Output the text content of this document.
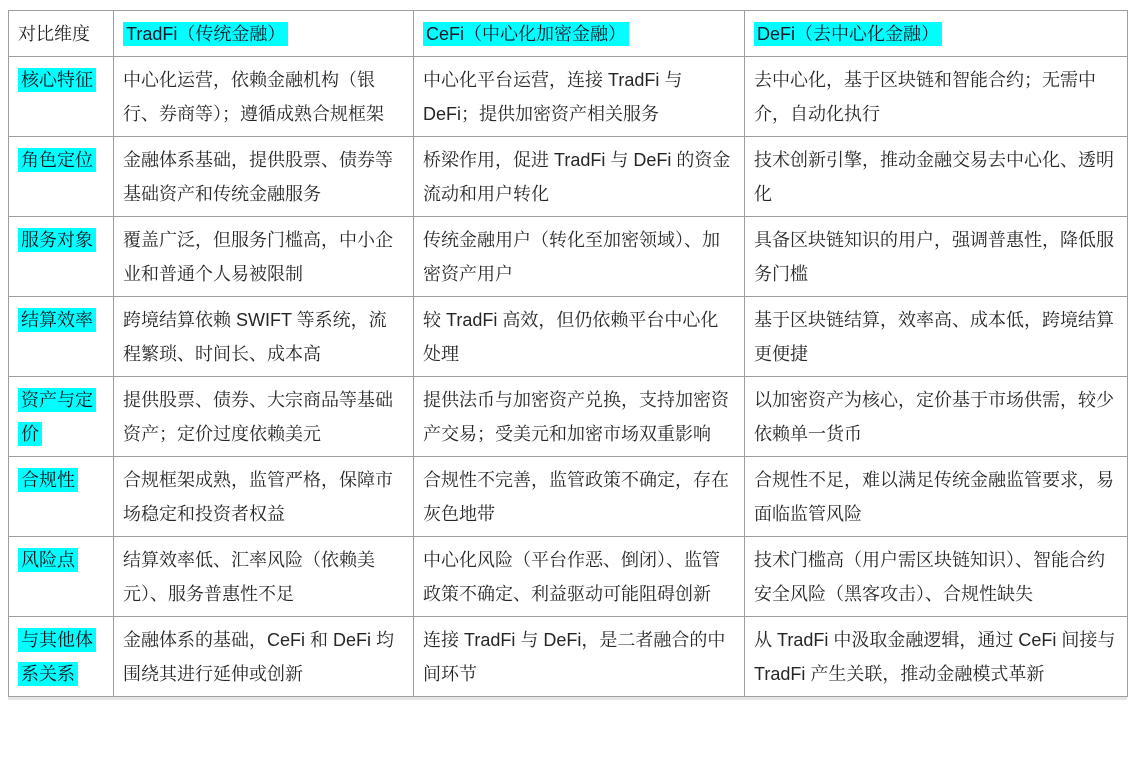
对比维度	TradFi（传统金融）	CeFi（中心化加密金融）	DeFi（去中心化金融）
核心特征	中心化运营，依赖金融机构（银行、券商等）；遵循成熟合规框架	中心化平台运营，连接 TradFi 与 DeFi；提供加密资产相关服务	去中心化，基于区块链和智能合约；无需中介，自动化执行
角色定位	金融体系基础，提供股票、债券等基础资产和传统金融服务	桥梁作用，促进 TradFi 与 DeFi 的资金流动和用户转化	技术创新引擎，推动金融交易去中心化、透明化
服务对象	覆盖广泛，但服务门槛高，中小企业和普通个人易被限制	传统金融用户（转化至加密领域）、加密资产用户	具备区块链知识的用户，强调普惠性，降低服务门槛
结算效率	跨境结算依赖 SWIFT 等系统，流程繁琐、时间长、成本高	较 TradFi 高效，但仍依赖平台中心化处理	基于区块链结算，效率高、成本低，跨境结算更便捷
资产与定价	提供股票、债券、大宗商品等基础资产；定价过度依赖美元	提供法币与加密资产兑换，支持加密资产交易；受美元和加密市场双重影响	以加密资产为核心，定价基于市场供需，较少依赖单一货币
合规性	合规框架成熟，监管严格，保障市场稳定和投资者权益	合规性不完善，监管政策不确定，存在灰色地带	合规性不足，难以满足传统金融监管要求，易面临监管风险
风险点	结算效率低、汇率风险（依赖美元）、服务普惠性不足	中心化风险（平台作恶、倒闭）、监管政策不确定、利益驱动可能阻碍创新	技术门槛高（用户需区块链知识）、智能合约安全风险（黑客攻击）、合规性缺失
与其他体系关系	金融体系的基础，CeFi 和 DeFi 均围绕其进行延伸或创新	连接 TradFi 与 DeFi，是二者融合的中间环节	从 TradFi 中汲取金融逻辑，通过 CeFi 间接与 TradFi 产生关联，推动金融模式革新
